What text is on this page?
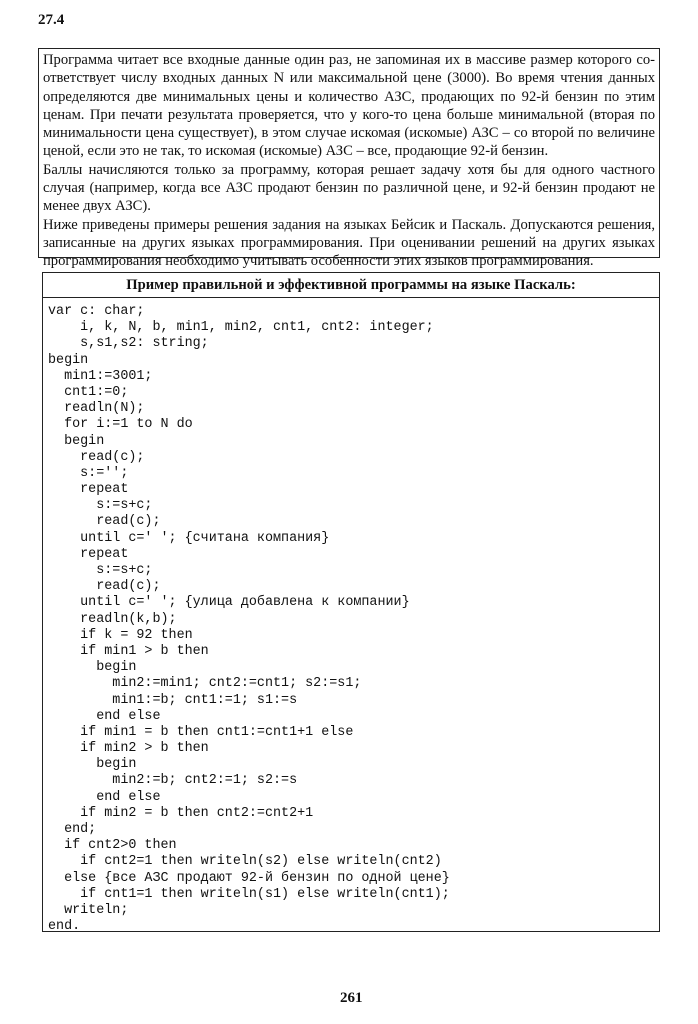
27.4
Программа читает все входные данные один раз, не запоминая их в массиве размер которого со-
ответствует числу входных данных N или максимальной цене (3000). Во время чтения данных
определяются две минимальных цены и количество АЗС, продающих по 92-й бензин по этим
ценам. При печати результата проверяется, что у кого-то цена больше минимальной (вторая по
минимальности цена существует), в этом случае искомая (искомые) АЗС – со второй по величине
ценой, если это не так, то искомая (искомые) АЗС – все, продающие 92-й бензин.
Баллы начисляются только за программу, которая решает задачу хотя бы для одного частного
случая (например, когда все АЗС продают бензин по различной цене, и 92-й бензин продают не
менее двух АЗС).
Ниже приведены примеры решения задания на языках Бейсик и Паскаль. Допускаются решения,
записанные на других языках программирования. При оценивании решений на других языках
программирования необходимо учитывать особенности этих языков программирования.
Пример правильной и эффективной программы на языке Паскаль:
var c: char;
i, k, N, b, min1, min2, cnt1, cnt2: integer;
s,s1,s2: string;
begin
min1:=3001;
cnt1:=0;
readln(N);
for i:=1 to N do
begin
read(c);
s:='';
repeat
s:=s+c;
read(c);
until c=' '; {считана компания}
repeat
s:=s+c;
read(c);
until c=' '; {улица добавлена к компании}
readln(k,b);
if k = 92 then
if min1 > b then
begin
min2:=min1; cnt2:=cnt1; s2:=s1;
min1:=b; cnt1:=1; s1:=s
end else
if min1 = b then cnt1:=cnt1+1 else
if min2 > b then
begin
min2:=b; cnt2:=1; s2:=s
end else
if min2 = b then cnt2:=cnt2+1
end;
if cnt2>0 then
if cnt2=1 then writeln(s2) else writeln(cnt2)
else {все АЗС продают 92-й бензин по одной цене}
if cnt1=1 then writeln(s1) else writeln(cnt1);
writeln;
end.
261
